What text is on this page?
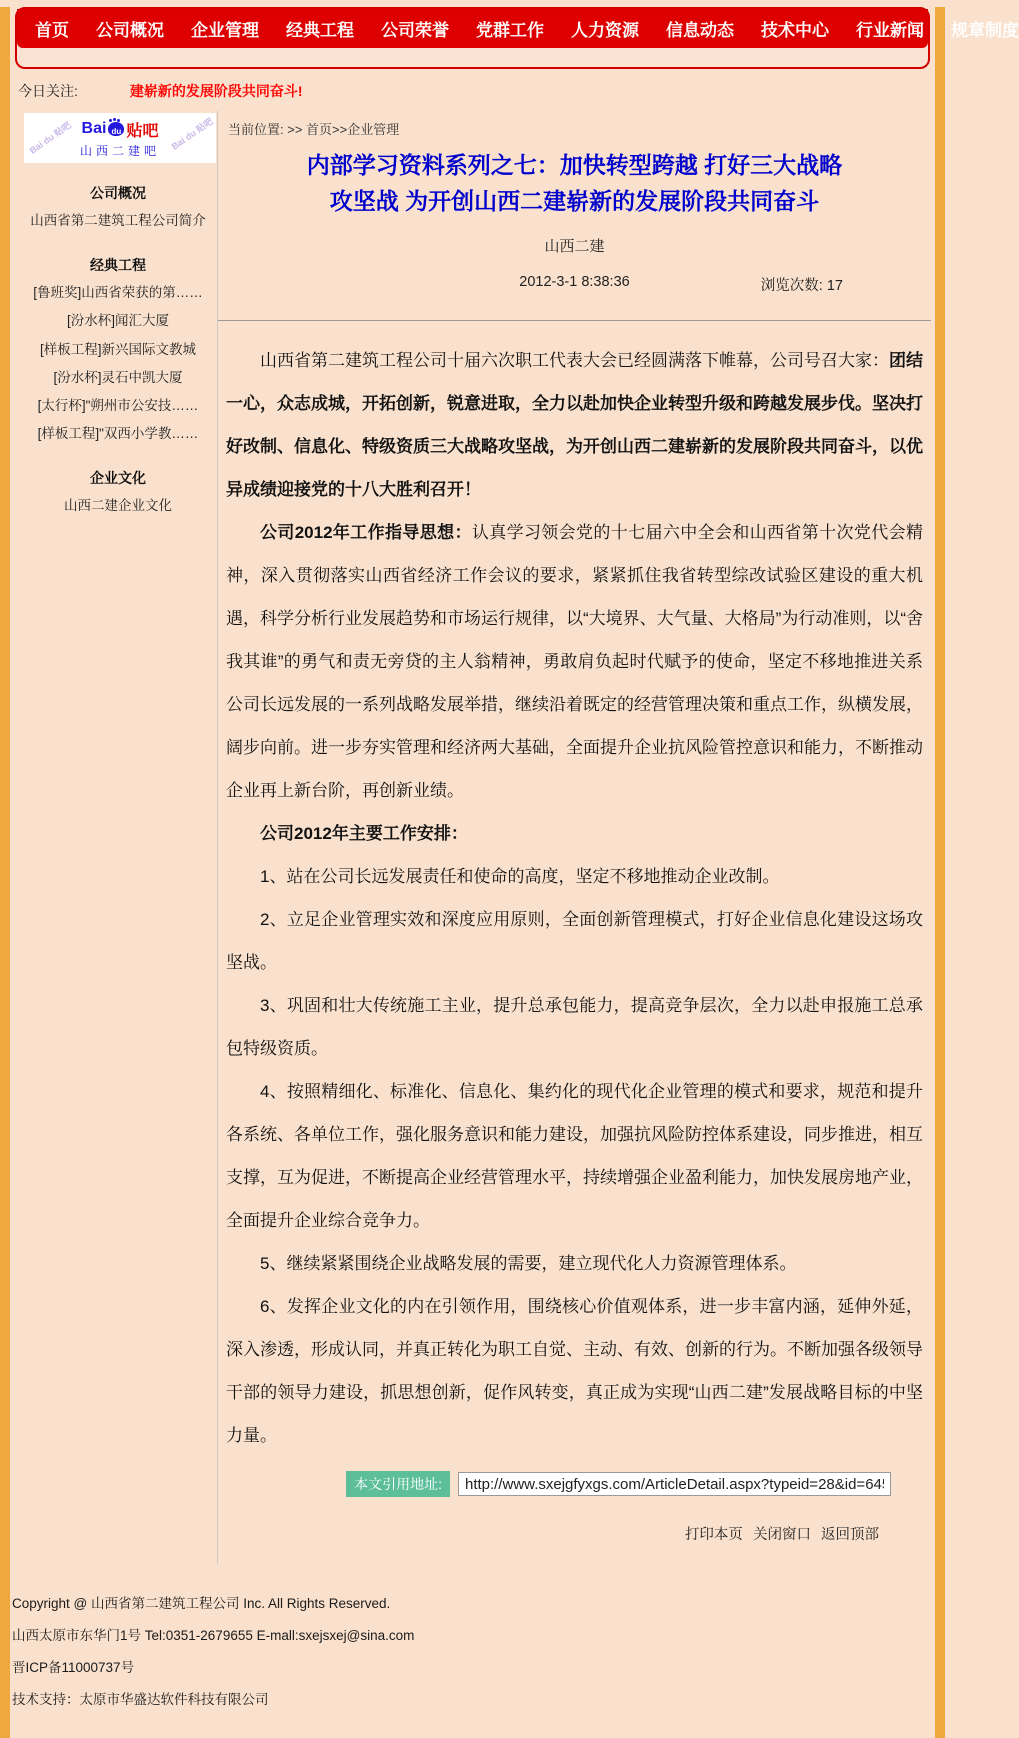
首页 公司概况 企业管理 经典工程 公司荣誉 党群工作 人力资源 信息动态 技术中心 行业新闻 规章制度
今日关注:	建崭新的发展阶段共同奋斗!
Bai du 贴吧	Bai du 贴吧
Bai du 贴吧
山西二建吧
公司概况
山西省第二建筑工程公司简介
经典工程
[鲁班奖]山西省荣获的第……
[汾水杯]闻汇大厦
[样板工程]新兴国际文教城
[汾水杯]灵石中凯大厦
[太行杯]"朔州市公安技……
[样板工程]"双西小学教……
企业文化
山西二建企业文化
当前位置: >> 首页>>企业管理
内部学习资料系列之七：加快转型跨越 打好三大战略
攻坚战 为开创山西二建崭新的发展阶段共同奋斗
山西二建
2012-3-1 8:38:36	浏览次数: 17

山西省第二建筑工程公司十届六次职工代表大会已经圆满落下帷幕，公司号召大家：团结一心，众志成城，开拓创新，锐意进取，全力以赴加快企业转型升级和跨越发展步伐。坚决打好改制、信息化、特级资质三大战略攻坚战，为开创山西二建崭新的发展阶段共同奋斗，以优异成绩迎接党的十八大胜利召开！

公司2012年工作指导思想：认真学习领会党的十七届六中全会和山西省第十次党代会精神，深入贯彻落实山西省经济工作会议的要求，紧紧抓住我省转型综改试验区建设的重大机遇，科学分析行业发展趋势和市场运行规律，以“大境界、大气量、大格局”为行动准则，以“舍我其谁”的勇气和责无旁贷的主人翁精神，勇敢肩负起时代赋予的使命，坚定不移地推进关系公司长远发展的一系列战略发展举措，继续沿着既定的经营管理决策和重点工作，纵横发展，阔步向前。进一步夯实管理和经济两大基础，全面提升企业抗风险管控意识和能力，不断推动企业再上新台阶，再创新业绩。

公司2012年主要工作安排：

1、站在公司长远发展责任和使命的高度，坚定不移地推动企业改制。

2、立足企业管理实效和深度应用原则，全面创新管理模式，打好企业信息化建设这场攻坚战。

3、巩固和壮大传统施工主业，提升总承包能力，提高竞争层次，全力以赴申报施工总承包特级资质。

4、按照精细化、标准化、信息化、集约化的现代化企业管理的模式和要求，规范和提升各系统、各单位工作，强化服务意识和能力建设，加强抗风险防控体系建设，同步推进，相互支撑，互为促进，不断提高企业经营管理水平，持续增强企业盈利能力，加快发展房地产业，全面提升企业综合竞争力。

5、继续紧紧围绕企业战略发展的需要，建立现代化人力资源管理体系。

6、发挥企业文化的内在引领作用，围绕核心价值观体系，进一步丰富内涵，延伸外延，深入渗透，形成认同，并真正转化为职工自觉、主动、有效、创新的行为。不断加强各级领导干部的领导力建设，抓思想创新，促作风转变，真正成为实现“山西二建”发展战略目标的中坚力量。

本文引用地址:
http://www.sxejgfyxgs.com/ArticleDetail.aspx?typeid=28&id=6457
打印本页 关闭窗口 返回顶部
Copyright @ 山西省第二建筑工程公司 Inc. All Rights Reserved.
山西太原市东华门1号 Tel:0351-2679655 E-mall:sxejsxej@sina.com
晋ICP备11000737号
技术支持：太原市华盛达软件科技有限公司
